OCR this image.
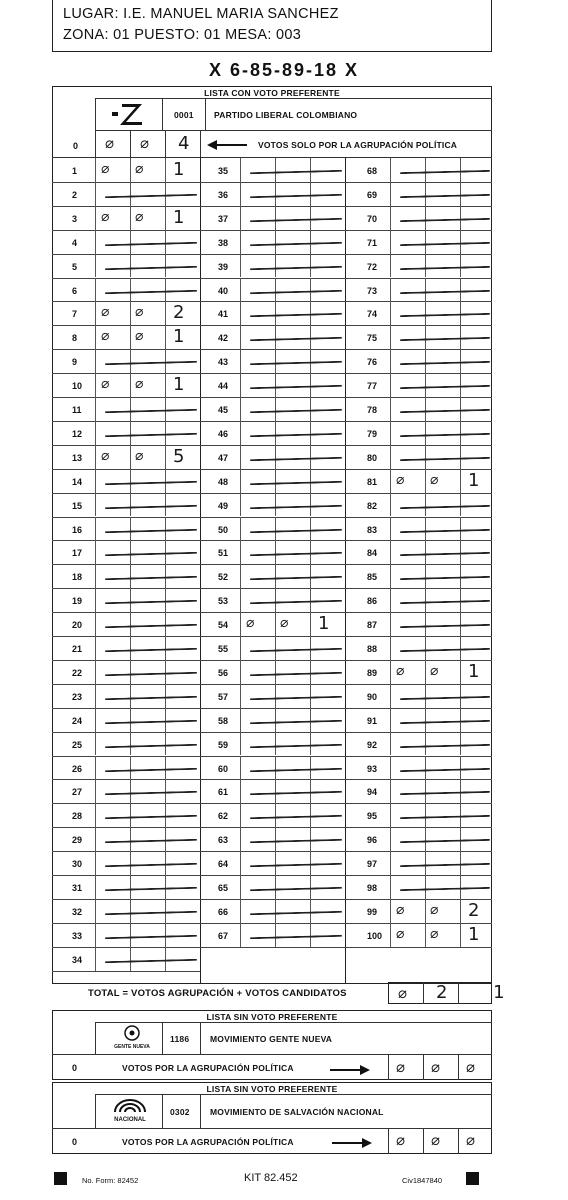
LUGAR: I.E. MANUEL MARIA SANCHEZ
ZONA: 01 PUESTO: 01 MESA: 003
X 6-85-89-18 X
LISTA CON VOTO PREFERENTE
0001 PARTIDO LIBERAL COLOMBIANO
0 ⌀ ⌀ 4	VOTOS SOLO POR LA AGRUPACIÓN POLÍTICA
1 ⌀ ⌀ 1
2
3 ⌀ ⌀ 1
4
5
6
7 ⌀ ⌀ 2
8 ⌀ ⌀ 1
9
10 ⌀ ⌀ 1
11
12
13 ⌀ ⌀ 5
14
15
16
17
18
19
20
21
22
23
24
25
26
27
28
29
30
31
32
33
34
35
36
37
38
39
40
41
42
43
44
45
46
47
48
49
50
51
52
53
54 ⌀ ⌀ 1
55
56
57
58
59
60
61
62
63
64
65
66
67
68
69
70
71
72
73
74
75
76
77
78
79
80
81 ⌀ ⌀ 1
82
83
84
85
86
87
88
89 ⌀ ⌀ 1
90
91
92
93
94
95
96
97
98
99 ⌀ ⌀ 2
100 ⌀ ⌀ 1
TOTAL = VOTOS AGRUPACIÓN + VOTOS CANDIDATOS	⌀ 2 1
LISTA SIN VOTO PREFERENTE
GENTE NUEVA
1186 MOVIMIENTO GENTE NUEVA
0	VOTOS POR LA AGRUPACIÓN POLÍTICA	⌀ ⌀ ⌀
LISTA SIN VOTO PREFERENTE
NACIONAL
0302 MOVIMIENTO DE SALVACIÓN NACIONAL
0	VOTOS POR LA AGRUPACIÓN POLÍTICA	⌀ ⌀ ⌀
No. Form: 82452	KIT 82.452	Civ1847840
